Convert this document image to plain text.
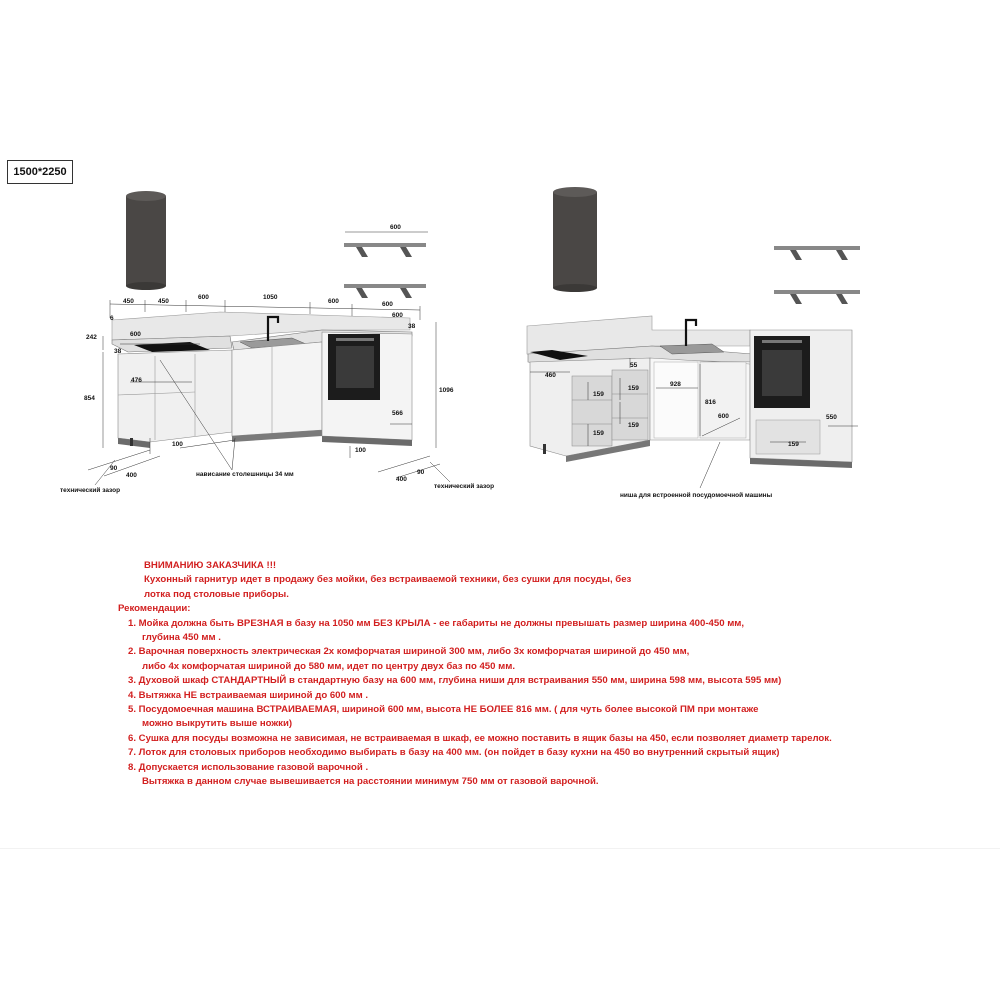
1500*2250
450	450
600	1050
600	600
600
600
6
242	600
38
38
476
854
100
1096
566
100
90
400	90
400
технический зазор
нависание столешницы 34 мм
технический зазор
460
55
159
159
159
159
928
816
600	550
159
ниша для встроенной посудомоечной машины
ВНИМАНИЮ ЗАКАЗЧИКА !!!
Кухонный гарнитур идет в продажу без мойки, без встраиваемой техники, без сушки для посуды, без
лотка под столовые приборы.
Рекомендации:
1. Мойка должна быть ВРЕЗНАЯ в базу на 1050 мм БЕЗ КРЫЛА - ее габариты не должны превышать размер ширина 400-450 мм,
глубина 450 мм .
2. Варочная поверхность электрическая 2х комфорчатая шириной 300 мм, либо 3х комфорчатая шириной до 450 мм,
либо 4х комфорчатая шириной до 580 мм, идет по центру двух баз по 450 мм.
3. Духовой шкаф СТАНДАРТНЫЙ в стандартную базу на 600 мм, глубина ниши для встраивания 550 мм, ширина 598 мм, высота 595 мм)
4. Вытяжка НЕ встраиваемая шириной до 600 мм .
5. Посудомоечная машина ВСТРАИВАЕМАЯ, шириной 600 мм, высота НЕ БОЛЕЕ 816 мм. ( для чуть более высокой ПМ при монтаже
можно выкрутить выше ножки)
6. Сушка для посуды возможна не зависимая, не встраиваемая в шкаф, ее можно поставить в ящик базы на 450, если позволяет диаметр тарелок.
7. Лоток для столовых приборов необходимо выбирать в базу на 400 мм. (он пойдет в базу кухни на 450 во внутренний скрытый ящик)
8. Допускается использование газовой варочной .
Вытяжка в данном случае вывешивается на расстоянии минимум 750 мм от газовой варочной.
